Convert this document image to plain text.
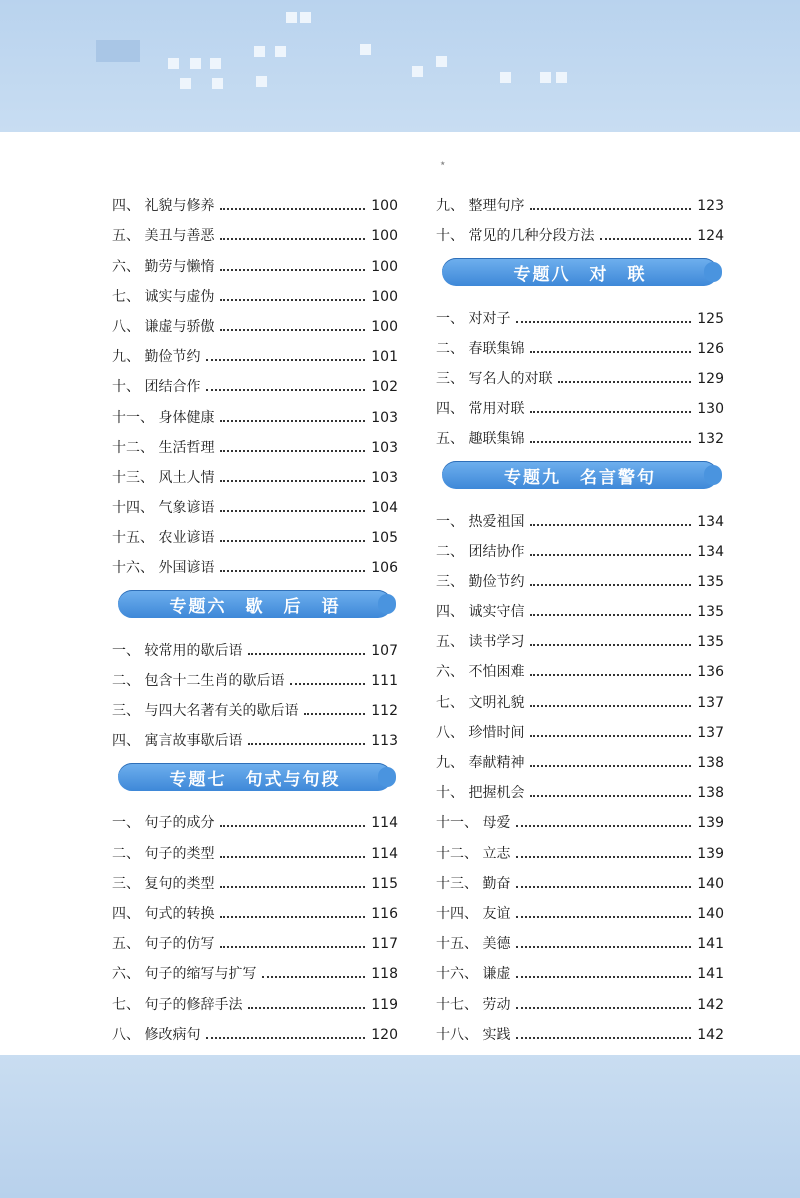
٭
四、 礼貌与修养	100
五、 美丑与善恶	100
六、 勤劳与懒惰	100
七、 诚实与虚伪	100
八、 谦虚与骄傲	100
九、 勤俭节约	101
十、 团结合作	102
十一、 身体健康	103
十二、 生活哲理	103
十三、 风土人情	103
十四、 气象谚语	104
十五、 农业谚语	105
十六、 外国谚语	106
专题六　歇　后　语
一、 较常用的歇后语	107
二、 包含十二生肖的歇后语	111
三、 与四大名著有关的歇后语	112
四、 寓言故事歇后语	113
专题七　句式与句段
一、 句子的成分	114
二、 句子的类型	114
三、 复句的类型	115
四、 句式的转换	116
五、 句子的仿写	117
六、 句子的缩写与扩写	118
七、 句子的修辞手法	119
八、 修改病句	120
九、 整理句序	123
十、 常见的几种分段方法	124
专题八　对　联
一、 对对子	125
二、 春联集锦	126
三、 写名人的对联	129
四、 常用对联	130
五、 趣联集锦	132
专题九　名言警句
一、 热爱祖国	134
二、 团结协作	134
三、 勤俭节约	135
四、 诚实守信	135
五、 读书学习	135
六、 不怕困难	136
七、 文明礼貌	137
八、 珍惜时间	137
九、 奉献精神	138
十、 把握机会	138
十一、 母爱	139
十二、 立志	139
十三、 勤奋	140
十四、 友谊	140
十五、 美德	141
十六、 谦虚	141
十七、 劳动	142
十八、 实践	142
